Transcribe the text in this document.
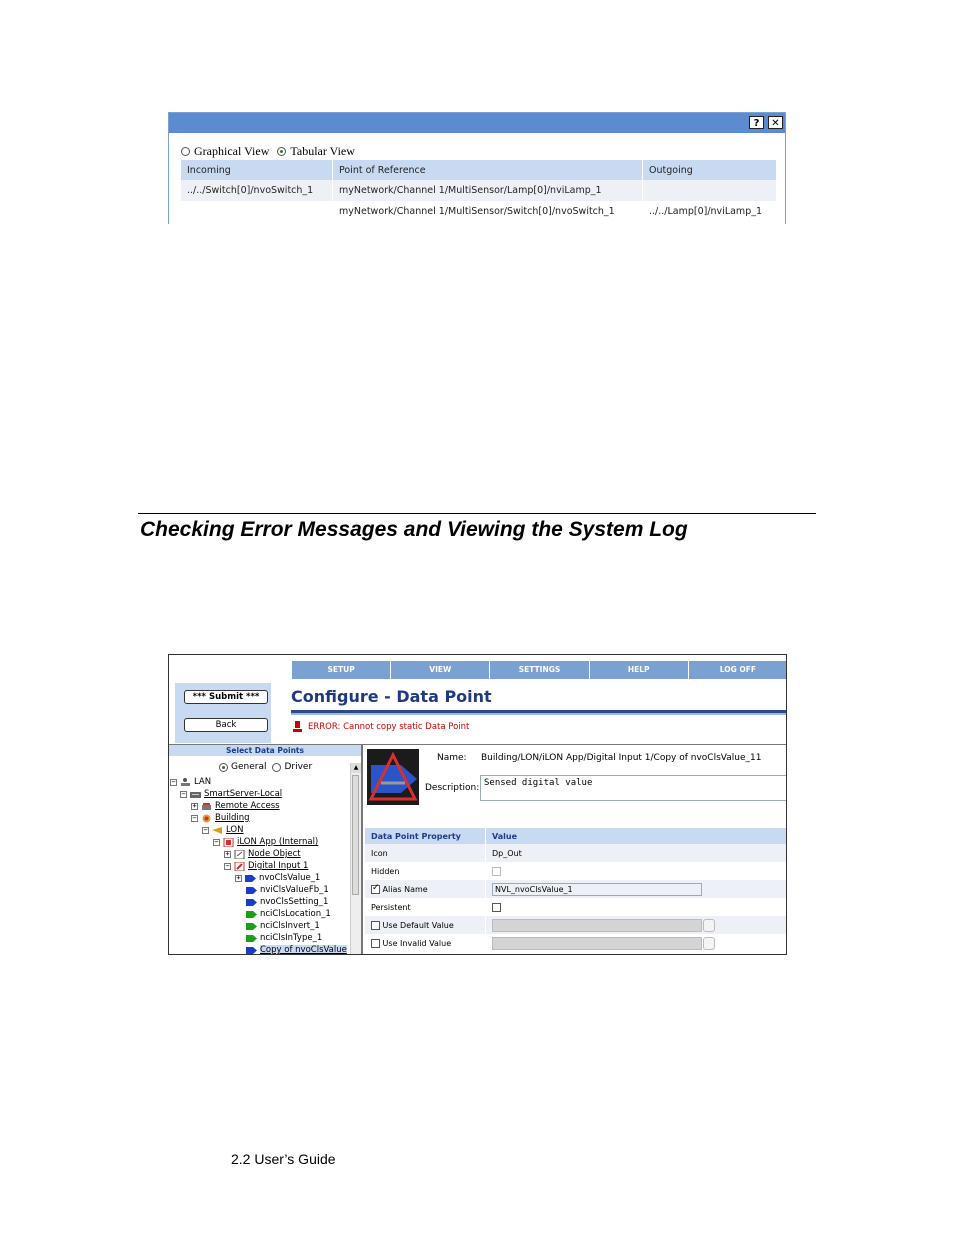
?	✕
Graphical View Tabular View
Incoming	Point of Reference	Outgoing
../../Switch[0]/nvoSwitch_1	myNetwork/Channel 1/MultiSensor/Lamp[0]/nviLamp_1	
	myNetwork/Channel 1/MultiSensor/Switch[0]/nvoSwitch_1	../../Lamp[0]/nviLamp_1
Checking Error Messages and Viewing the System Log
SETUP	VIEW	SETTINGS	HELP	LOG OFF
*** Submit ***
Back
Configure - Data Point
ERROR: Cannot copy static Data Point
Select Data Points
General Driver
− LAN
− SmartServer-Local
+ Remote Access
− Building
− LON
− iLON App (Internal)
+ Node Object
− Digital Input 1
+ nvoClsValue_1
nviClsValueFb_1
nvoClsSetting_1
nciClsLocation_1
nciClsInvert_1
nciClsInType_1
Copy of nvoClsValue
▲
Name: Building/LON/iLON App/Digital Input 1/Copy of nvoClsValue_11
Description: Sensed digital value
Data Point Property	Value
Icon	Dp_Out
Hidden	
✓ Alias Name	NVL_nvoClsValue_1
Persistent	
Use Default Value	
Use Invalid Value	
2.2 User’s Guide
